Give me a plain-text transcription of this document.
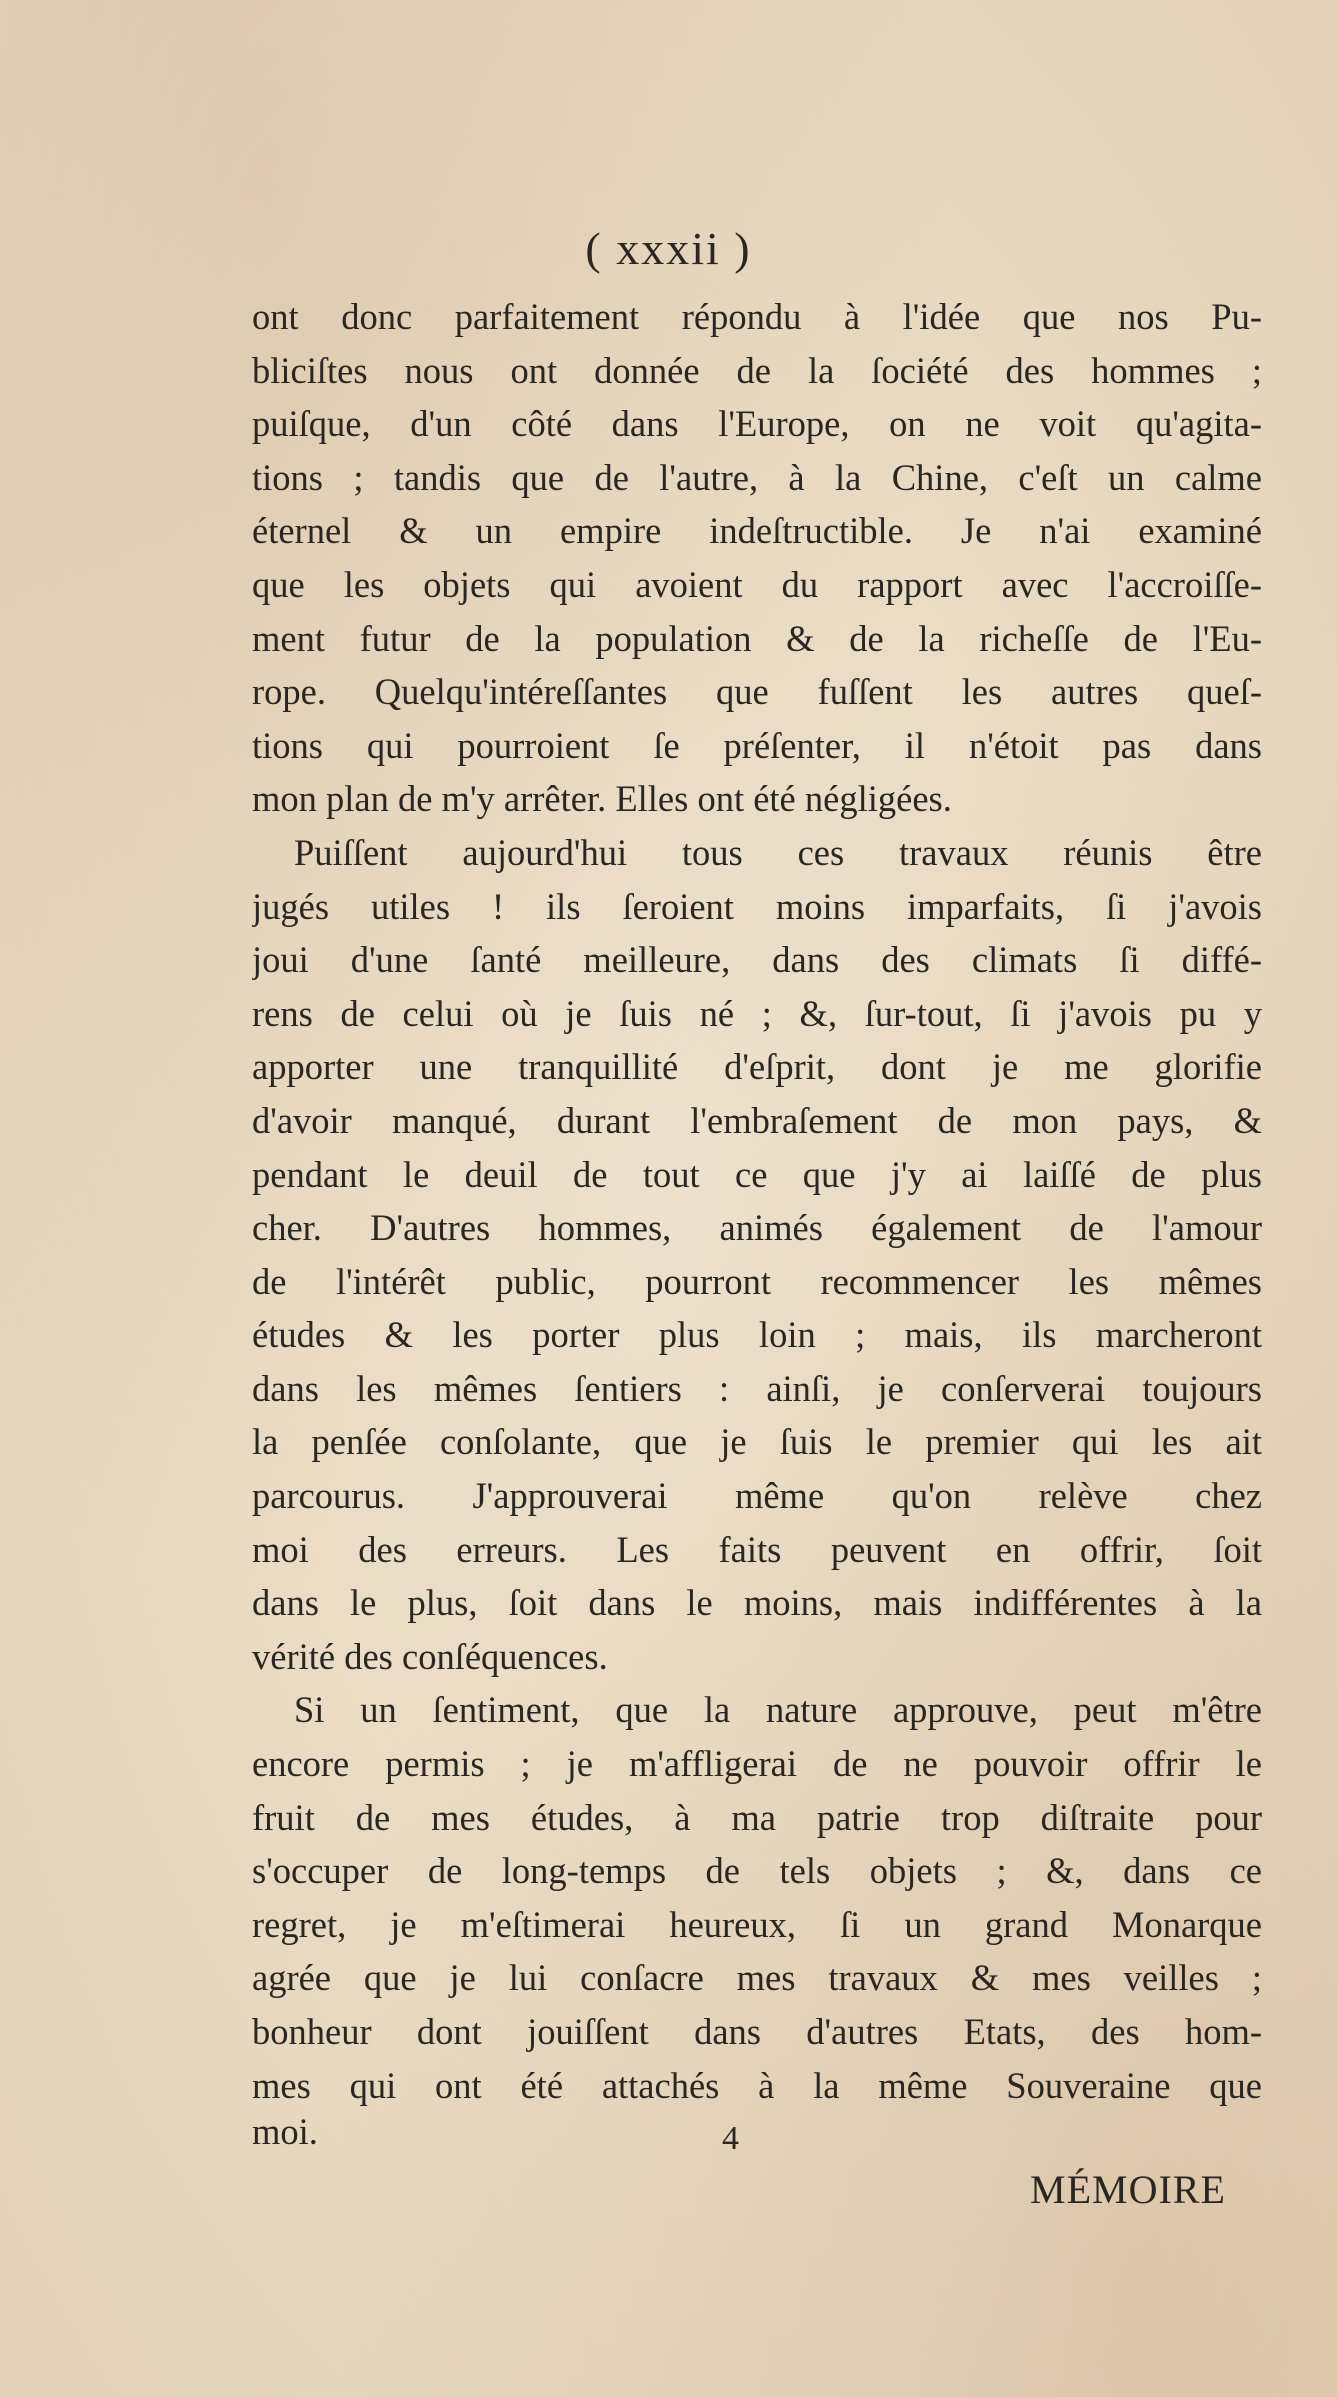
( xxxii )
ont donc parfaitement répondu à l'idée que nos Pu-
bliciſtes nous ont donnée de la ſociété des hommes ;
puiſque, d'un côté dans l'Europe, on ne voit qu'agita-
tions ; tandis que de l'autre, à la Chine, c'eſt un calme
éternel & un empire indeſtructible. Je n'ai examiné
que les objets qui avoient du rapport avec l'accroiſſe-
ment futur de la population & de la richeſſe de l'Eu-
rope. Quelqu'intéreſſantes que fuſſent les autres queſ-
tions qui pourroient ſe préſenter, il n'étoit pas dans
mon plan de m'y arrêter. Elles ont été négligées.
Puiſſent aujourd'hui tous ces travaux réunis être
jugés utiles ! ils ſeroient moins imparfaits, ſi j'avois
joui d'une ſanté meilleure, dans des climats ſi diffé-
rens de celui où je ſuis né ; &, ſur-tout, ſi j'avois pu y
apporter une tranquillité d'eſprit, dont je me glorifie
d'avoir manqué, durant l'embraſement de mon pays, &
pendant le deuil de tout ce que j'y ai laiſſé de plus
cher. D'autres hommes, animés également de l'amour
de l'intérêt public, pourront recommencer les mêmes
études & les porter plus loin ; mais, ils marcheront
dans les mêmes ſentiers : ainſi, je conſerverai toujours
la penſée conſolante, que je ſuis le premier qui les ait
parcourus. J'approuverai même qu'on relève chez
moi des erreurs. Les faits peuvent en offrir, ſoit
dans le plus, ſoit dans le moins, mais indifférentes à la
vérité des conſéquences.
Si un ſentiment, que la nature approuve, peut m'être
encore permis ; je m'affligerai de ne pouvoir offrir le
fruit de mes études, à ma patrie trop diſtraite pour
s'occuper de long-temps de tels objets ; &, dans ce
regret, je m'eſtimerai heureux, ſi un grand Monarque
agrée que je lui conſacre mes travaux & mes veilles ;
bonheur dont jouiſſent dans d'autres Etats, des hom-
mes qui ont été attachés à la même Souveraine que
moi.	4
MÉMOIRE
